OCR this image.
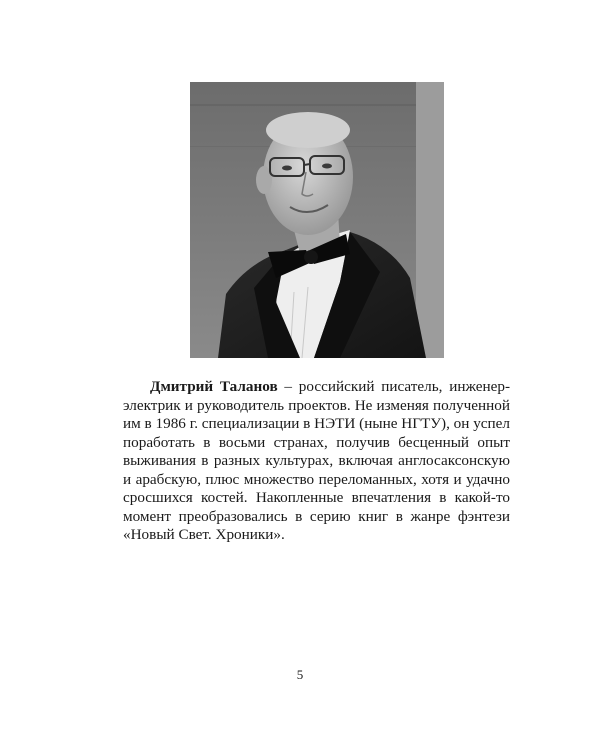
Дмитрий Таланов – российский писатель, инженер-электрик и руководитель проектов. Не изменяя полученной им в 1986 г. специализации в НЭТИ (ныне НГТУ), он успел поработать в восьми странах, получив бесценный опыт выживания в разных культурах, включая англосаксонскую и арабскую, плюс множество переломанных, хотя и удачно сросшихся костей. Накопленные впечатления в какой-то момент преобразовались в серию книг в жанре фэнтези «Новый Свет. Хроники».

5
